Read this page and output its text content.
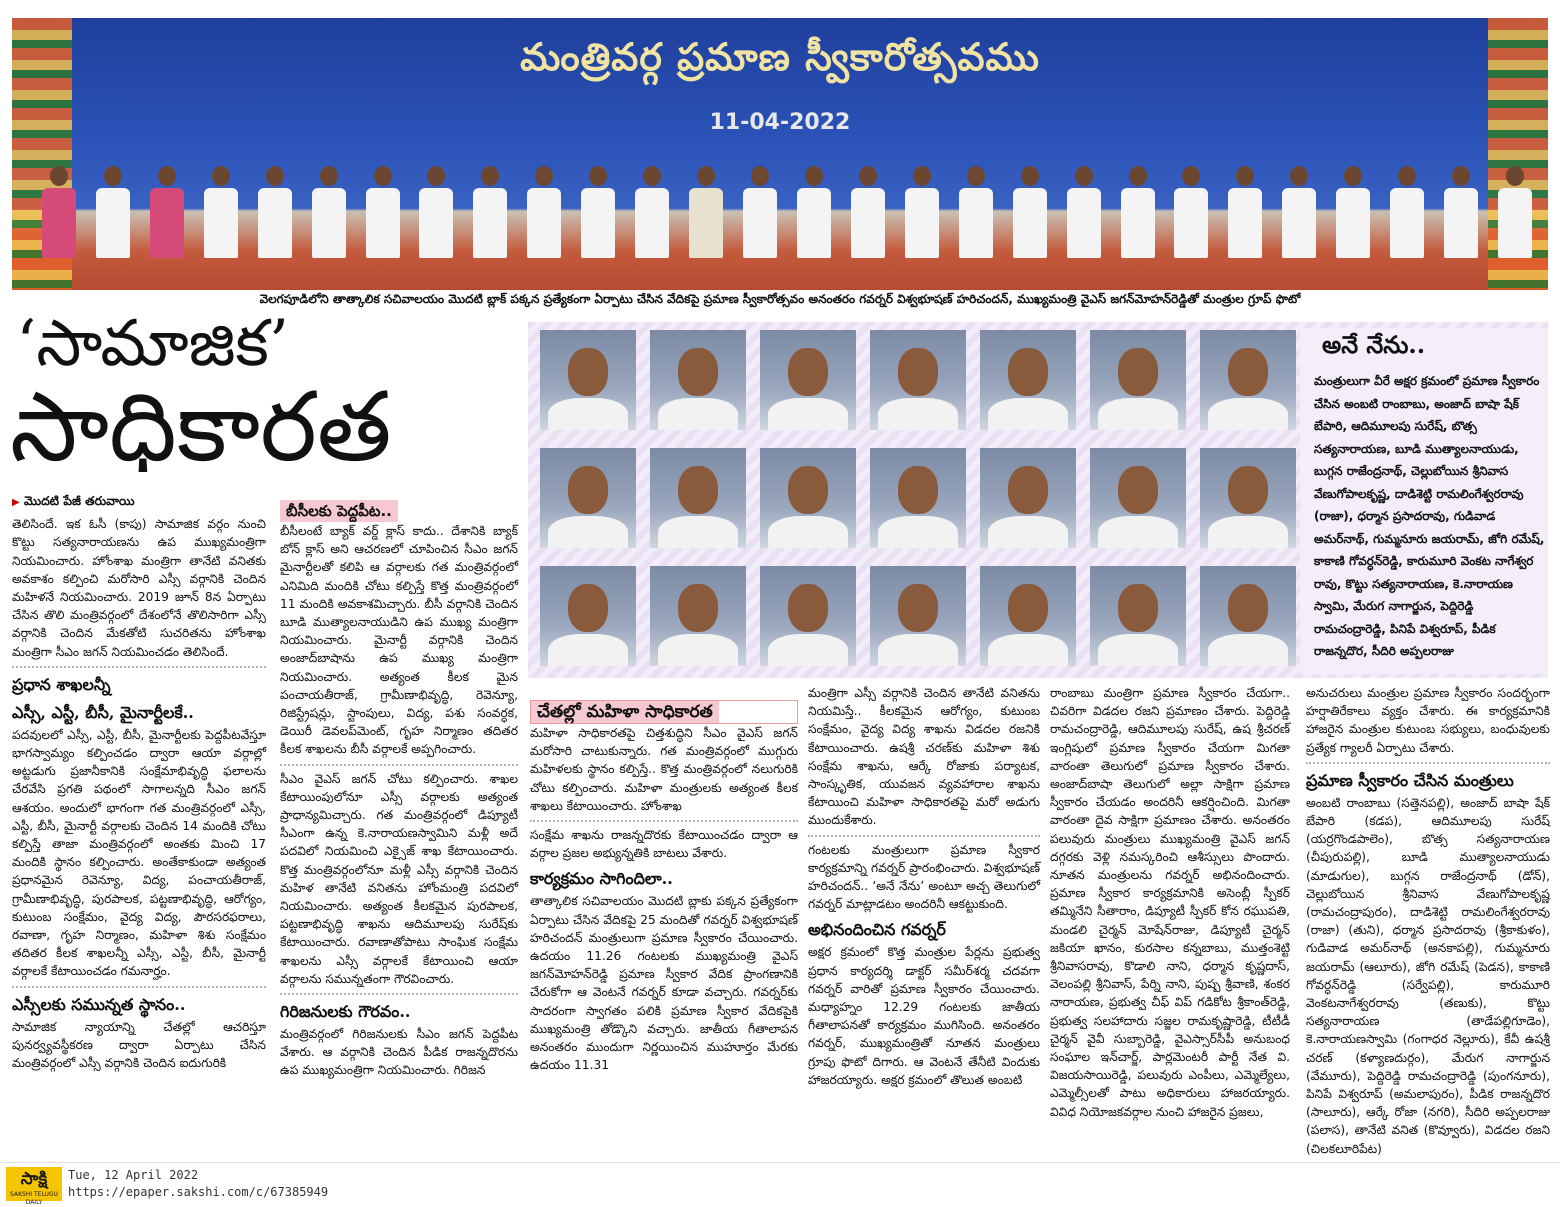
మంత్రివర్గ ప్రమాణ స్వీకారోత్సవము
11-04-2022
వెలగపూడిలోని తాత్కాలిక సచివాలయం మొదటి బ్లాక్ పక్కన ప్రత్యేకంగా ఏర్పాటు చేసిన వేదికపై ప్రమాణ స్వీకారోత్సవం అనంతరం గవర్నర్ విశ్వభూషణ్ హరిచందన్, ముఖ్యమంత్రి వైఎస్ జగన్‌మోహన్‌రెడ్డితో మంత్రుల గ్రూప్ ఫొటో
‘సామాజిక’
సాధికారత

▶ మొదటి పేజీ తరువాయి

తెలిసిందే. ఇక ఓసీ (కాపు) సామాజిక వర్గం నుంచి కొట్టు సత్యనారాయణను ఉప ముఖ్యమంత్రిగా నియమించారు. హోంశాఖ మంత్రిగా తానేటి వనితకు అవకాశం కల్పించి మరోసారి ఎస్సీ వర్గానికి చెందిన మహిళనే నియమించారు. 2019 జూన్ 8న ఏర్పాటు చేసిన తొలి మంత్రివర్గంలో దేశంలోనే తొలిసారిగా ఎస్సీ వర్గానికి చెందిన మేకతోటి సుచరితను హోంశాఖ మంత్రిగా సీఎం జగన్ నియమించడం తెలిసిందే.

ప్రధాన శాఖలన్నీ
ఎస్సీ, ఎస్టీ, బీసీ, మైనార్టీలకే..

పదవులలో ఎస్సీ, ఎస్టీ, బీసీ, మైనార్టీలకు పెద్దపీటవేస్తూ భాగస్వామ్యం కల్పించడం ద్వారా ఆయా వర్గాల్లో అట్టడుగు ప్రజానీకానికి సంక్షేమాభివృద్ధి ఫలాలను చేరవేసి ప్రగతి పథంలో సాగాలన్నది సీఎం జగన్ ఆశయం. అందులో భాగంగా గత మంత్రివర్గంలో ఎస్సీ, ఎస్టీ, బీసీ, మైనార్టీ వర్గాలకు చెందిన 14 మందికి చోటు కల్పిస్తే తాజా మంత్రివర్గంలో అంతకు మించి 17 మందికి స్థానం కల్పించారు. అంతేకాకుండా అత్యంత ప్రధానమైన రెవెన్యూ, విద్య, పంచాయతీరాజ్, గ్రామీణాభివృద్ధి, పురపాలక, పట్టణాభివృద్ధి, ఆరోగ్యం, కుటుంబ సంక్షేమం, వైద్య విద్య, పౌరసరఫరాలు, రవాణా, గృహ నిర్మాణం, మహిళా శిశు సంక్షేమం తదితర కీలక శాఖలన్నీ ఎస్సీ, ఎస్టీ, బీసీ, మైనార్టీ వర్గాలకే కేటాయించడం గమనార్హం.

ఎస్సీలకు సమున్నత స్థానం..

సామాజిక న్యాయాన్ని చేతల్లో ఆచరిస్తూ పునర్వ్యవస్థీకరణ ద్వారా ఏర్పాటు చేసిన మంత్రివర్గంలో ఎస్సీ వర్గానికి చెందిన ఐదుగురికి

బీసీలకు పెద్దపీట..

బీసీలంటే బ్యాక్ వర్డ్ క్లాస్ కాదు.. దేశానికి బ్యాక్ బోన్ క్లాస్ అని ఆచరణలో చూపించిన సీఎం జగన్ మైనార్టీలతో కలిపి ఆ వర్గాలకు గత మంత్రివర్గంలో ఎనిమిది మందికి చోటు కల్పిస్తే కొత్త మంత్రివర్గంలో 11 మందికి అవకాశమిచ్చారు. బీసీ వర్గానికి చెందిన బూడి ముత్యాలనాయుడిని ఉప ముఖ్య మంత్రిగా నియమించారు. మైనార్టీ వర్గానికి చెందిన అంజాద్‌బాషాను ఉప ముఖ్య మంత్రిగా నియమించారు. అత్యంత కీలక మైన పంచాయతీరాజ్, గ్రామీణాభివృద్ధి, రెవెన్యూ, రిజిస్ట్రేషన్లు, స్టాంపులు, విద్య, పశు సంవర్ధక, డెయిరీ డెవలప్‌మెంట్, గృహ నిర్మాణం తదితర కీలక శాఖలను బీసీ వర్గాలకే అప్పగించారు.

సీఎం వైఎస్ జగన్ చోటు కల్పించారు. శాఖల కేటాయింపులోనూ ఎస్సీ వర్గాలకు అత్యంత ప్రాధాన్యమిచ్చారు. గత మంత్రివర్గంలో డిప్యూటీ సీఎంగా ఉన్న కె.నారాయణస్వామిని మళ్లీ అదే పదవిలో నియమించి ఎక్సైజ్ శాఖ కేటాయించారు. కొత్త మంత్రివర్గంలోనూ మళ్లీ ఎస్సీ వర్గానికి చెందిన మహిళ తానేటి వనితను హోంమంత్రి పదవిలో నియమించారు. అత్యంత కీలకమైన పురపాలక, పట్టణాభివృద్ధి శాఖను ఆదిమూలపు సురేష్‌కు కేటాయించారు. రవాణాతోపాటు సాంఘిక సంక్షేమ శాఖలను ఎస్సీ వర్గాలకే కేటాయించి ఆయా వర్గాలను సమున్నతంగా గౌరవించారు.

గిరిజనులకు గౌరవం..

మంత్రివర్గంలో గిరిజనులకు సీఎం జగన్ పెద్దపీట వేశారు. ఆ వర్గానికి చెందిన పీడిక రాజన్నదొరను ఉప ముఖ్యమంత్రిగా నియమించారు. గిరిజన

అనే నేను..
మంత్రులుగా వీరే అక్షర క్రమంలో ప్రమాణ స్వీకారం చేసిన అంబటి రాంబాబు, అంజాద్ బాషా షేక్ బేపారి, ఆదిమూలపు సురేష్, బొత్స సత్యనారాయణ, బూడి ముత్యాలనాయుడు, బుగ్గన రాజేంద్రనాథ్, చెల్లుబోయిన శ్రీనివాస వేణుగోపాలకృష్ణ, దాడిశెట్టి రామలింగేశ్వరరావు (రాజా), ధర్మాన ప్రసాదరావు, గుడివాడ అమర్‌నాథ్, గుమ్మనూరు జయరామ్, జోగి రమేష్, కాకాణి గోవర్ధన్‌రెడ్డి, కారుమూరి వెంకట నాగేశ్వర రావు, కొట్టు సత్యనారాయణ, కె.నారాయణ స్వామి, మేరుగ నాగార్జున, పెద్దిరెడ్డి రామచంద్రారెడ్డి, పినిపే విశ్వరూప్, పీడిక రాజన్నదొర, సీదిరి అప్పలరాజు
చేతల్లో మహిళా సాధికారత

మహిళా సాధికారతపై చిత్తశుద్ధిని సీఎం వైఎస్ జగన్ మరోసారి చాటుకున్నారు. గత మంత్రివర్గంలో ముగ్గురు మహిళలకు స్థానం కల్పిస్తే.. కొత్త మంత్రివర్గంలో నలుగురికి చోటు కల్పించారు. మహిళా మంత్రులకు అత్యంత కీలక శాఖలు కేటాయించారు. హోంశాఖ

సంక్షేమ శాఖను రాజన్నదొరకు కేటాయించడం ద్వారా ఆ వర్గాల ప్రజల అభ్యున్నతికి బాటలు వేశారు.

కార్యక్రమం సాగిందిలా..

తాత్కాలిక సచివాలయం మొదటి బ్లాకు పక్కన ప్రత్యేకంగా ఏర్పాటు చేసిన వేదికపై 25 మందితో గవర్నర్ విశ్వభూషణ్ హరిచందన్ మంత్రులుగా ప్రమాణ స్వీకారం చేయించారు. ఉదయం 11.26 గంటలకు ముఖ్యమంత్రి వైఎస్ జగన్‌మోహన్‌రెడ్డి ప్రమాణ స్వీకార వేదిక ప్రాంగణానికి చేరుకోగా ఆ వెంటనే గవర్నర్ కూడా వచ్చారు. గవర్నర్‌కు సాదరంగా స్వాగతం పలికి ప్రమాణ స్వీకార వేదికపైకి ముఖ్యమంత్రి తోడ్కొని వచ్చారు. జాతీయ గీతాలాపన అనంతరం ముందుగా నిర్ణయించిన ముహూర్తం మేరకు ఉదయం 11.31

మంత్రిగా ఎస్సీ వర్గానికి చెందిన తానేటి వనితను నియమిస్తే.. కీలకమైన ఆరోగ్యం, కుటుంబ సంక్షేమం, వైద్య విద్య శాఖను విడదల రజనికి కేటాయించారు. ఉషశ్రీ చరణ్‌కు మహిళా శిశు సంక్షేమ శాఖను, ఆర్కే రోజాకు పర్యాటక, సాంస్కృతిక, యువజన వ్యవహారాల శాఖను కేటాయించి మహిళా సాధికారతపై మరో అడుగు ముందుకేశారు.

గంటలకు మంత్రులుగా ప్రమాణ స్వీకార కార్యక్రమాన్ని గవర్నర్ ప్రారంభించారు. విశ్వభూషణ్ హరిచందన్.. ‘అనే నేను’ అంటూ అచ్చ తెలుగులో గవర్నర్ మాట్లాడటం అందరినీ ఆకట్టుకుంది.

అభినందించిన గవర్నర్

అక్షర క్రమంలో కొత్త మంత్రుల పేర్లను ప్రభుత్వ ప్రధాన కార్యదర్శి డాక్టర్ సమీర్‌శర్మ చదవగా గవర్నర్ వారితో ప్రమాణ స్వీకారం చేయించారు. మధ్యాహ్నం 12.29 గంటలకు జాతీయ గీతాలాపనతో కార్యక్రమం ముగిసింది. అనంతరం గవర్నర్, ముఖ్యమంత్రితో నూతన మంత్రులు గ్రూపు ఫొటో దిగారు. ఆ వెంటనే తేనీటి విందుకు హాజరయ్యారు. అక్షర క్రమంలో తొలుత అంబటి

రాంబాబు మంత్రిగా ప్రమాణ స్వీకారం చేయగా.. చివరిగా విడదల రజని ప్రమాణం చేశారు. పెద్దిరెడ్డి రామచంద్రారెడ్డి, ఆదిమూలపు సురేష్, ఉష శ్రీచరణ్ ఇంగ్లిషులో ప్రమాణ స్వీకారం చేయగా మిగతా వారంతా తెలుగులో ప్రమాణ స్వీకారం చేశారు. అంజాద్‌బాషా తెలుగులో అల్లా సాక్షిగా ప్రమాణ స్వీకారం చేయడం అందరినీ ఆకర్షించింది. మిగతా వారంతా దైవ సాక్షిగా ప్రమాణం చేశారు. అనంతరం పలువురు మంత్రులు ముఖ్యమంత్రి వైఎస్ జగన్ దగ్గరకు వెళ్లి నమస్కరించి ఆశీస్సులు పొందారు. నూతన మంత్రులను గవర్నర్ అభినందించారు. ప్రమాణ స్వీకార కార్యక్రమానికి అసెంబ్లీ స్పీకర్ తమ్మినేని సీతారాం, డిప్యూటీ స్పీకర్ కోన రఘుపతి, మండలి చైర్మన్ మోషేన్‌రాజు, డిప్యూటీ చైర్మన్ జకియా ఖానం, కురసాల కన్నబాబు, ముత్తంశెట్టి శ్రీనివాసరావు, కొడాలి నాని, ధర్మాన కృష్ణదాస్, వెలంపల్లి శ్రీనివాస్, పేర్ని నాని, పుష్ప శ్రీవాణి, శంకర నారాయణ, ప్రభుత్వ చీఫ్ విప్ గడికోట శ్రీకాంత్‌రెడ్డి, ప్రభుత్వ సలహాదారు సజ్జల రామకృష్ణారెడ్డి, టీటీడీ చైర్మన్ వైవీ సుబ్బారెడ్డి, వైఎస్సార్‌సీపీ అనుబంధ సంఘాల ఇన్‌చార్జ్, పార్లమెంటరీ పార్టీ నేత వి. విజయసాయిరెడ్డి, పలువురు ఎంపీలు, ఎమ్మెల్యేలు, ఎమ్మెల్సీలతో పాటు అధికారులు హాజరయ్యారు. వివిధ నియోజకవర్గాల నుంచి హాజరైన ప్రజలు,

అనుచరులు మంత్రుల ప్రమాణ స్వీకారం సందర్భంగా హర్షాతిరేకాలు వ్యక్తం చేశారు. ఈ కార్యక్రమానికి హాజరైన మంత్రుల కుటుంబ సభ్యులు, బంధువులకు ప్రత్యేక గ్యాలరీ ఏర్పాటు చేశారు.

ప్రమాణ స్వీకారం చేసిన మంత్రులు

అంబటి రాంబాబు (సత్తెనపల్లి), అంజాద్ బాషా షేక్ బేపారి (కడప), ఆదిమూలపు సురేష్ (యర్రగొండపాలెం), బొత్స సత్యనారాయణ (చీపురుపల్లి), బూడి ముత్యాలనాయుడు (మాడుగుల), బుగ్గన రాజేంద్రనాథ్ (డోన్), చెల్లుబోయిన శ్రీనివాస వేణుగోపాలకృష్ణ (రామచంద్రాపురం), దాడిశెట్టి రామలింగేశ్వరరావు (రాజా) (తుని), ధర్మాన ప్రసాదరావు (శ్రీకాకుళం), గుడివాడ అమర్‌నాథ్ (అనకాపల్లి), గుమ్మనూరు జయరామ్ (ఆలూరు), జోగి రమేష్ (పెడన), కాకాణి గోవర్ధన్‌రెడ్డి (సర్వేపల్లి), కారుమూరి వెంకటనాగేశ్వరరావు (తణుకు), కొట్టు సత్యనారాయణ (తాడేపల్లిగూడెం), కె.నారాయణస్వామి (గంగాధర నెల్లూరు), కేవీ ఉషశ్రీ చరణ్ (కళ్యాణదుర్గం), మేరుగ నాగార్జున (వేమూరు), పెద్దిరెడ్డి రామచంద్రారెడ్డి (పుంగనూరు), పినిపే విశ్వరూప్ (అమలాపురం), పీడిక రాజన్నదొర (సాలూరు), ఆర్కే రోజా (నగరి), సీదిరి అప్పలరాజు (పలాస), తానేటి వనిత (కొవ్వూరు), విడదల రజని (చిలకలూరిపేట)

సాక్షి
SAKSHI TELUGU DAILY
Tue, 12 April 2022
https://epaper.sakshi.com/c/67385949
